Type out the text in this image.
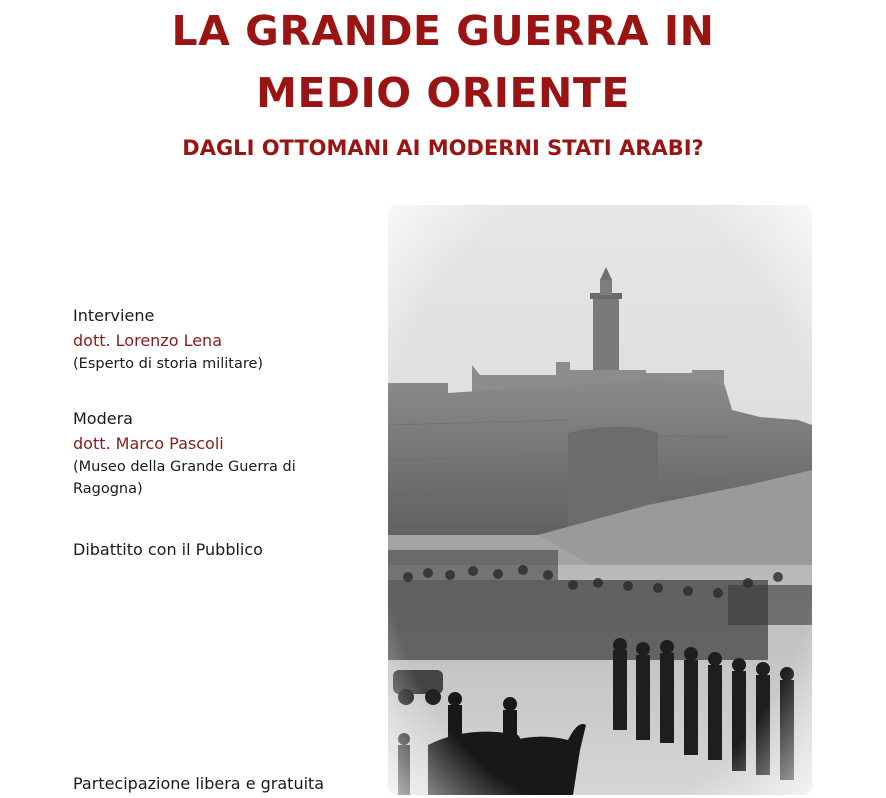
LA GRANDE GUERRA IN
MEDIO ORIENTE
DAGLI OTTOMANI AI MODERNI STATI ARABI?
Interviene
dott. Lorenzo Lena
(Esperto di storia militare)
Modera
dott. Marco Pascoli
(Museo della Grande Guerra di
Ragogna)
Dibattito con il Pubblico
Partecipazione libera e gratuita
